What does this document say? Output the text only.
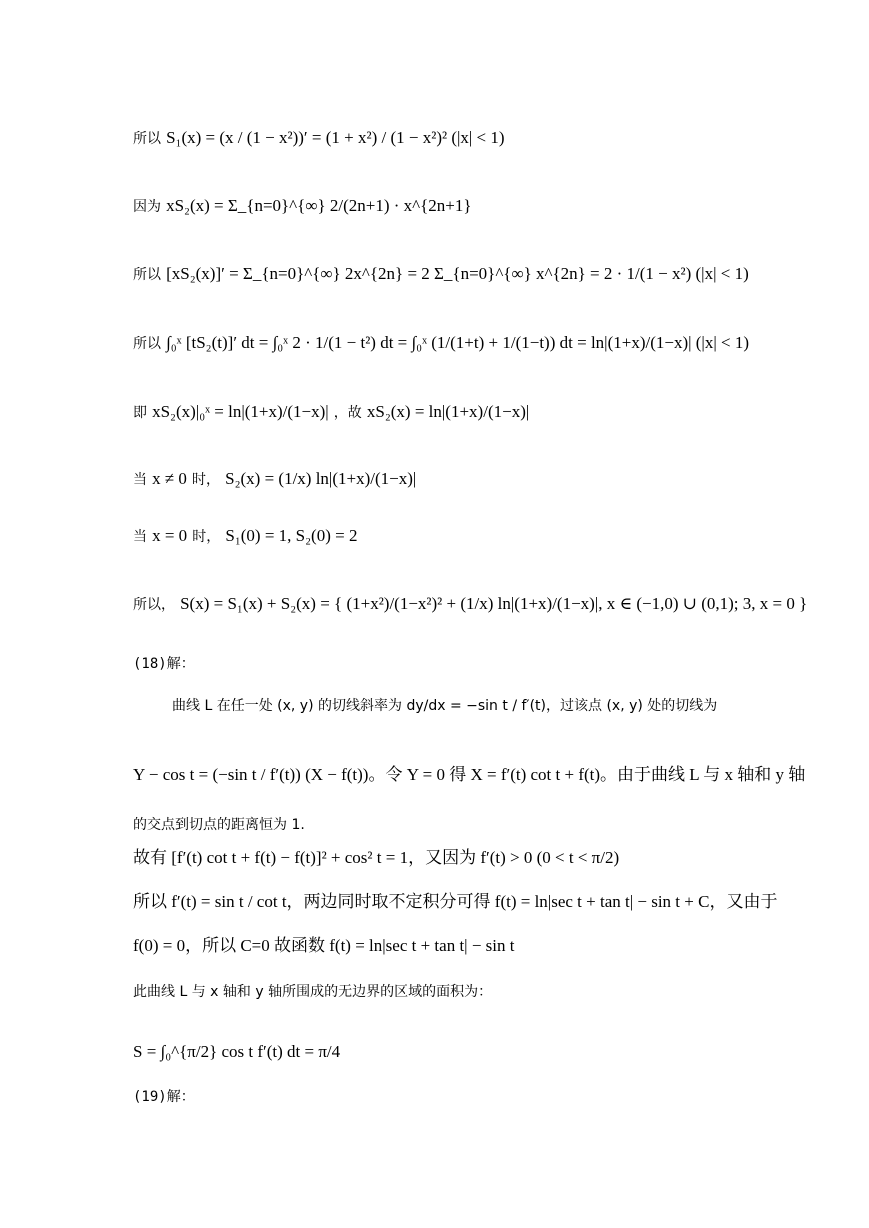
所以 S₁(x) = (x / (1 − x²))′ = (1 + x²) / (1 − x²)² (|x| < 1)
因为 xS₂(x) = Σ_{n=0}^{∞} 2/(2n+1) · x^{2n+1}
所以 [xS₂(x)]′ = Σ_{n=0}^{∞} 2x^{2n} = 2 Σ_{n=0}^{∞} x^{2n} = 2 · 1/(1 − x²) (|x| < 1)
所以 ∫₀ˣ [tS₂(t)]′ dt = ∫₀ˣ 2 · 1/(1 − t²) dt = ∫₀ˣ (1/(1+t) + 1/(1−t)) dt = ln|(1+x)/(1−x)| (|x| < 1)
即 xS₂(x)|₀ˣ = ln|(1+x)/(1−x)| ，故 xS₂(x) = ln|(1+x)/(1−x)|
当 x ≠ 0 时， S₂(x) = (1/x) ln|(1+x)/(1−x)|
当 x = 0 时， S₁(0) = 1, S₂(0) = 2
所以， S(x) = S₁(x) + S₂(x) = { (1+x²)/(1−x²)² + (1/x) ln|(1+x)/(1−x)|, x ∈ (−1,0) ∪ (0,1); 3, x = 0 }
(18)解：
曲线 L 在任一处 (x, y) 的切线斜率为 dy/dx = −sin t / f′(t)，过该点 (x, y) 处的切线为
Y − cos t = (−sin t / f′(t)) (X − f(t))。令 Y = 0 得 X = f′(t) cot t + f(t)。由于曲线 L 与 x 轴和 y 轴
的交点到切点的距离恒为 1.
故有 [f′(t) cot t + f(t) − f(t)]² + cos² t = 1，又因为 f′(t) > 0 (0 < t < π/2)
所以 f′(t) = sin t / cot t，两边同时取不定积分可得 f(t) = ln|sec t + tan t| − sin t + C，又由于
f(0) = 0，所以 C=0 故函数 f(t) = ln|sec t + tan t| − sin t
此曲线 L 与 x 轴和 y 轴所围成的无边界的区域的面积为：
S = ∫₀^{π/2} cos t f′(t) dt = π/4
(19)解：
